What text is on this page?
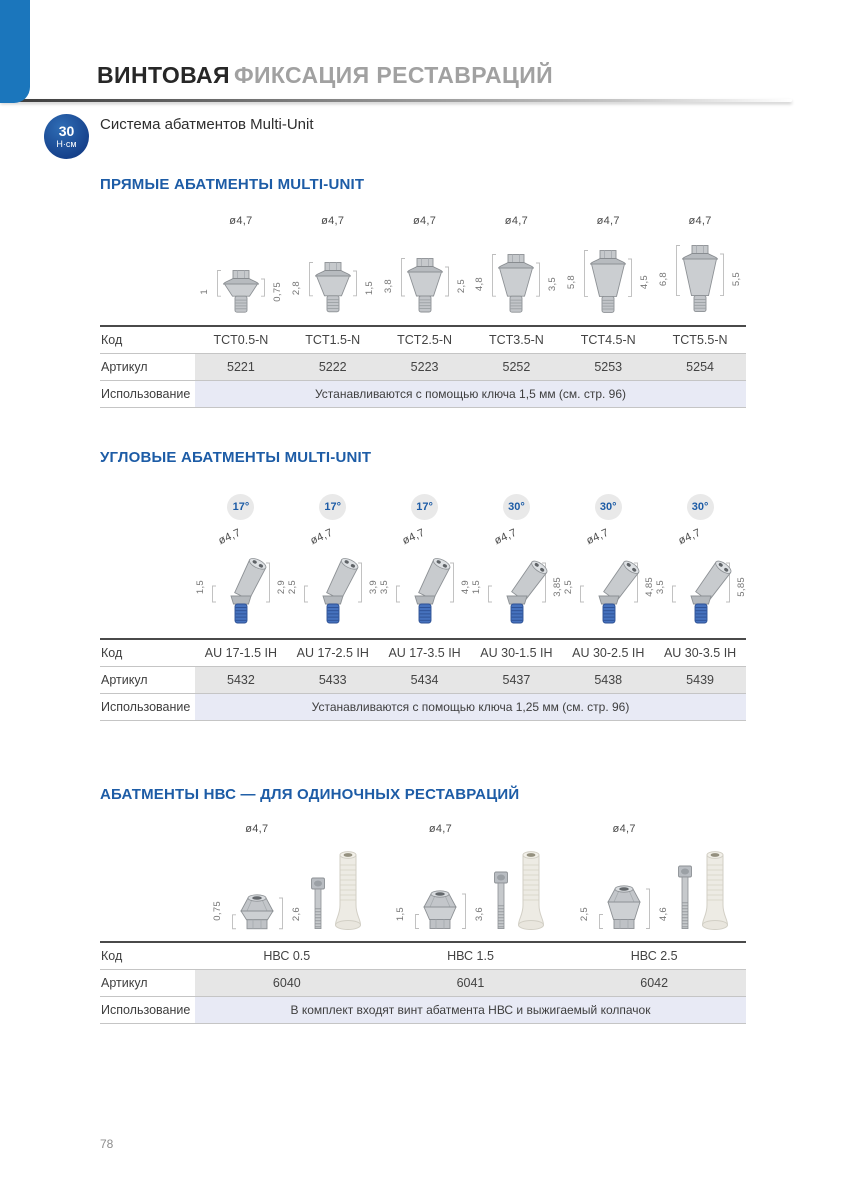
ВИНТОВАЯ ФИКСАЦИЯ РЕСТАВРАЦИЙ
30
Н·см
Система абатментов Multi-Unit
ПРЯМЫЕ АБАТМЕНТЫ MULTI-UNIT
ø4,7
1	0,75
ø4,7
2,8	1,5
ø4,7
3,8	2,5
ø4,7
4,8	3,5
ø4,7
5,8	4,5
ø4,7
6,8	5,5
Код	TCT0.5-N	TCT1.5-N	TCT2.5-N	TCT3.5-N	TCT4.5-N	TCT5.5-N
Артикул	5221	5222	5223	5252	5253	5254
Использование	Устанавливаются с помощью ключа 1,5 мм (см. стр. 96)
УГЛОВЫЕ АБАТМЕНТЫ MULTI-UNIT
17°	17°	17°	30°	30°	30°
ø4,7
1,5	2,9
ø4,7
2,5	3,9
ø4,7
3,5	4,9
ø4,7
1,5	3,85
ø4,7
2,5	4,85
ø4,7
3,5	5,85
Код	AU 17-1.5 IH	AU 17-2.5 IH	AU 17-3.5 IH	AU 30-1.5 IH	AU 30-2.5 IH	AU 30-3.5 IH
Артикул	5432	5433	5434	5437	5438	5439
Использование	Устанавливаются с помощью ключа 1,25 мм (см. стр. 96)
АБАТМЕНТЫ НВС — ДЛЯ ОДИНОЧНЫХ РЕСТАВРАЦИЙ
ø4,7
0,75	2,6
ø4,7
1,5	3,6
ø4,7
2,5	4,6
Код	НВС 0.5	НВС 1.5	НВС 2.5
Артикул	6040	6041	6042
Использование	В комплект входят винт абатмента НВС и выжигаемый колпачок
78
